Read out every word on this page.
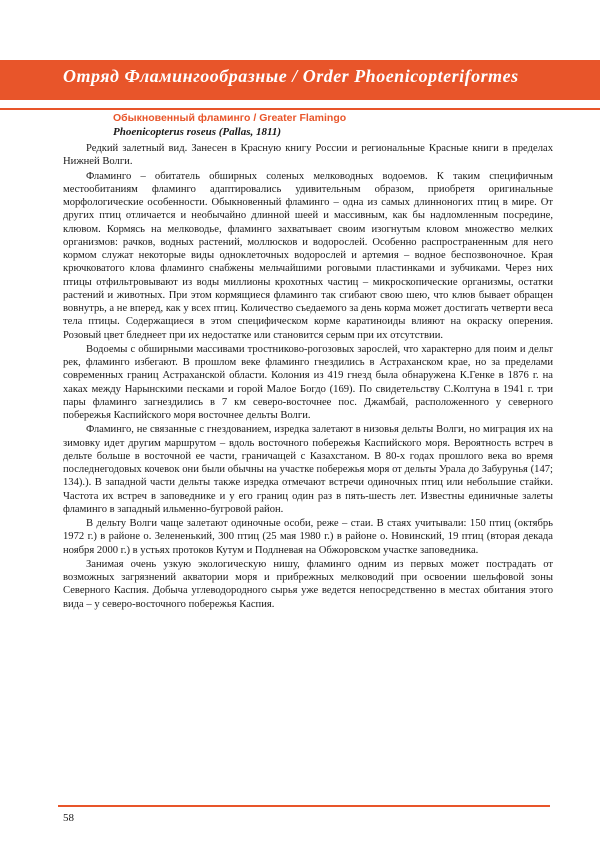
Отряд Фламингообразные / Order Phoenicopteriformes
Обыкновенный фламинго / Greater Flamingo
Phoenicopterus roseus (Pallas, 1811)

Редкий залетный вид. Занесен в Красную книгу России и региональные Красные книги в пределах Нижней Волги.

Фламинго – обитатель обширных соленых мелководных водоемов. К таким специфичным местообитаниям фламинго адаптировались удивительным образом, приобретя оригинальные морфологические особенности. Обыкновенный фламинго – одна из самых длинноногих птиц в мире. От других птиц отличается и необычайно длинной шеей и массивным, как бы надломленным посредине, клювом. Кормясь на мелководье, фламинго захватывает своим изогнутым кловом множество мелких организмов: рачков, водных растений, моллюсков и водорослей. Особенно распространенным для него кормом служат некоторые виды одноклеточных водорослей и артемия – водное беспозвоночное. Края крючковатого клова фламинго снабжены мельчайшими роговыми пластинками и зубчиками. Через них птицы отфильтровывают из воды миллионы крохотных частиц – микроскопические организмы, остатки растений и животных. При этом кормящиеся фламинго так сгибают свою шею, что клюв бывает обращен вовнутрь, а не вперед, как у всех птиц. Количество съедаемого за день корма может достигать четверти веса тела птицы. Содержащиеся в этом специфическом корме каратиноиды влияют на окраску оперения. Розовый цвет бледнеет при их недостатке или становится серым при их отсутствии.

Водоемы с обширными массивами тростниково-рогозовых зарослей, что характерно для поим и дельт рек, фламинго избегают. В прошлом веке фламинго гнездились в Астраханском крае, но за пределами современных границ Астраханской области. Колония из 419 гнезд была обнаружена К.Генке в 1876 г. на хаках между Нарынскими песками и горой Малое Богдо (169). По свидетельству С.Колтуна в 1941 г. три пары фламинго загнездились в 7 км северо-восточнее пос. Джамбай, расположенного у северного побережья Каспийского моря восточнее дельты Волги.

Фламинго, не связанные с гнездованием, изредка залетают в низовья дельты Волги, но миграция их на зимовку идет другим маршрутом – вдоль восточного побережья Каспийского моря. Вероятность встреч в дельте больше в восточной ее части, граничащей с Казахстаном. В 80-х годах прошлого века во время последнегодовых кочевок они были обычны на участке побережья моря от дельты Урала до Забурунья (147; 134).). В западной части дельты также изредка отмечают встречи одиночных птиц или небольшие стайки. Частота их встреч в заповеднике и у его границ один раз в пять-шесть лет. Известны единичные залеты фламинго в западный ильменно-бугровой район.

В дельту Волги чаще залетают одиночные особи, реже – стаи. В стаях учитывали: 150 птиц (октябрь 1972 г.) в районе о. Зелененький, 300 птиц (25 мая 1980 г.) в районе о. Новинский, 19 птиц (вторая декада ноября 2000 г.) в устьях протоков Кутум и Подлневая на Обжоровском участке заповедника.

Занимая очень узкую экологическую нишу, фламинго одним из первых может пострадать от возможных загрязнений акватории моря и прибрежных мелководий при освоении шельфовой зоны Северного Каспия. Добыча углеводородного сырья уже ведется непосредственно в местах обитания этого вида – у северо-восточного побережья Каспия.

58
